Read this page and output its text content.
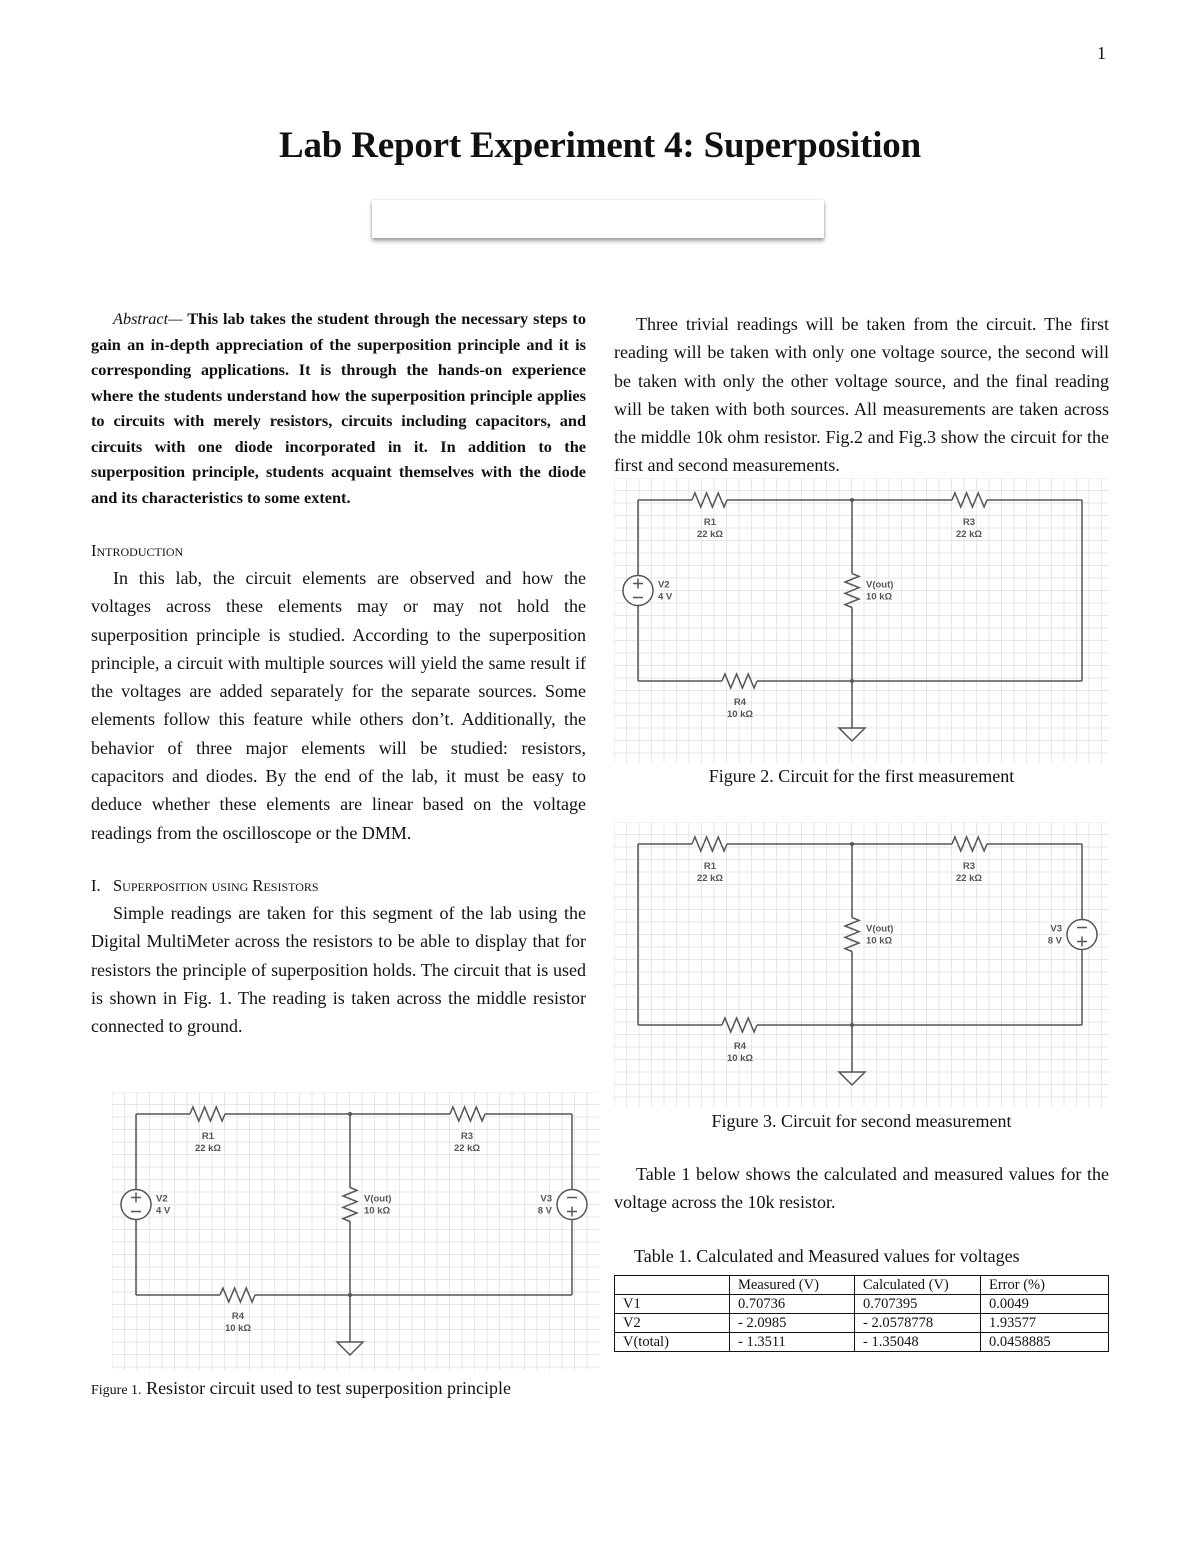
1
Lab Report Experiment 4: Superposition

Abstract— This lab takes the student through the necessary steps to gain an in-depth appreciation of the superposition principle and it is corresponding applications. It is through the hands-on experience where the students understand how the superposition principle applies to circuits with merely resistors, circuits including capacitors, and circuits with one diode incorporated in it. In addition to the superposition principle, students acquaint themselves with the diode and its characteristics to some extent.

Introduction

In this lab, the circuit elements are observed and how the voltages across these elements may or may not hold the superposition principle is studied. According to the superposition principle, a circuit with multiple sources will yield the same result if the voltages are added separately for the separate sources. Some elements follow this feature while others don’t. Additionally, the behavior of three major elements will be studied: resistors, capacitors and diodes. By the end of the lab, it must be easy to deduce whether these elements are linear based on the voltage readings from the oscilloscope or the DMM.

I. Superposition using Resistors

Simple readings are taken for this segment of the lab using the Digital MultiMeter across the resistors to be able to display that for resistors the principle of superposition holds. The circuit that is used is shown in Fig. 1. The reading is taken across the middle resistor connected to ground.

Three trivial readings will be taken from the circuit. The first reading will be taken with only one voltage source, the second will be taken with only the other voltage source, and the final reading will be taken with both sources. All measurements are taken across the middle 10k ohm resistor. Fig.2 and Fig.3 show the circuit for the first and second measurements.

V2
4 V
V3
8 V
R1
22 kΩ
R3
22 kΩ
R4
10 kΩ
V(out)
10 kΩ
V2
4 V
R1
22 kΩ
R3
22 kΩ
R4
10 kΩ
V(out)
10 kΩ
V3
8 V
R1
22 kΩ
R3
22 kΩ
R4
10 kΩ
V(out)
10 kΩ
Figure 1. Resistor circuit used to test superposition principle
Figure 2. Circuit for the first measurement
Figure 3. Circuit for second measurement

Table 1 below shows the calculated and measured values for the voltage across the 10k resistor.

Table 1. Calculated and Measured values for voltages
	Measured (V)	Calculated (V)	Error (%)
V1	0.70736	0.707395	0.0049
V2	- 2.0985	- 2.0578778	1.93577
V(total)	- 1.3511	- 1.35048	0.0458885
